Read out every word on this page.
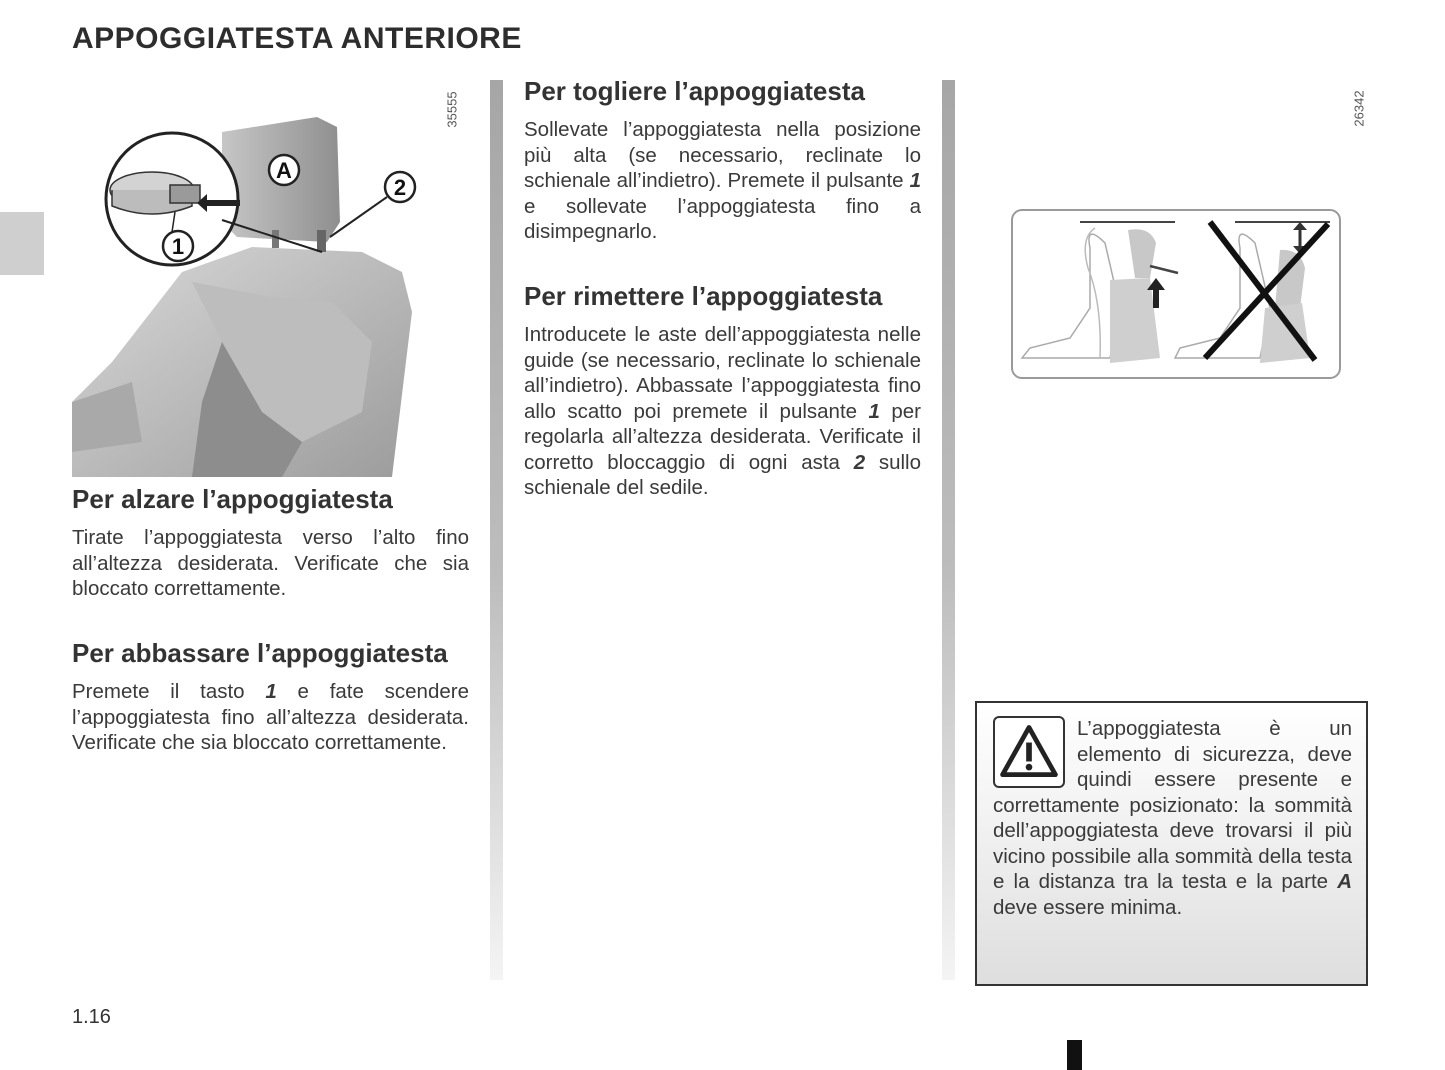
APPOGGIATESTA ANTERIORE
35555
A
2
1
Per alzare l’appoggiatesta

Tirate l’appoggiatesta verso l’alto fino all’altezza desiderata. Verificate che sia bloccato correttamente.

Per abbassare l’appoggiatesta

Premete il tasto 1 e fate scendere l’appoggiatesta fino all’altezza desiderata. Verificate che sia bloccato correttamente.

Per togliere l’appoggiatesta

Sollevate l’appoggiatesta nella posizione più alta (se necessario, reclinate lo schienale all’indietro). Premete il pulsante 1 e sollevate l’appoggiatesta fino a disimpegnarlo.

Per rimettere l’appoggiatesta

Introducete le aste dell’appoggiatesta nelle guide (se necessario, reclinate lo schienale all’indietro). Abbassate l’appoggiatesta fino allo scatto poi premete il pulsante 1 per regolarla all’altezza desiderata. Verificate il corretto bloccaggio di ogni asta 2 sullo schienale del sedile.

26342

L’appoggiatesta è un elemento di sicurezza, deve quindi essere presente e correttamente posizionato: la sommità dell’appoggiatesta deve trovarsi il più vicino possibile alla sommità della testa e la distanza tra la testa e la parte A deve essere minima.

1.16
